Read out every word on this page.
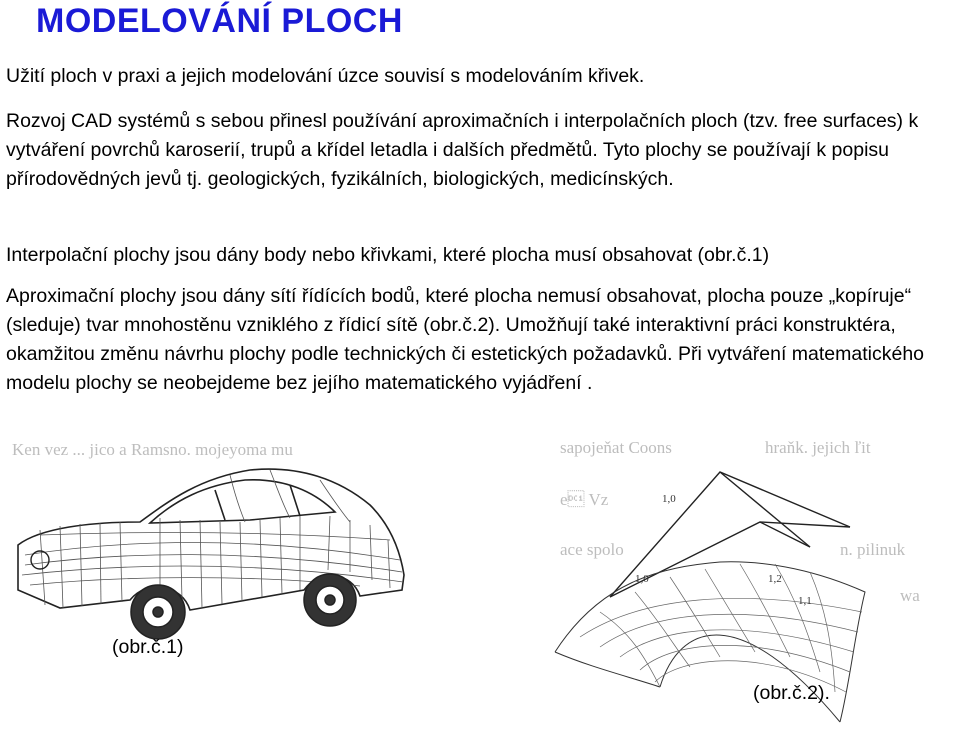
MODELOVÁNÍ PLOCH

Užití ploch v praxi a jejich modelování úzce souvisí s modelováním křivek.

Rozvoj CAD systémů s sebou přinesl používání aproximačních i interpolačních ploch (tzv. free surfaces) k vytváření povrchů karoserií, trupů a křídel letadla i dalších předmětů. Tyto plochy se používají k popisu přírodovědných jevů tj. geologických, fyzikálních, biologických, medicínských.

Interpolační plochy jsou dány body nebo křivkami, které plocha musí obsahovat (obr.č.1)

Aproximační plochy jsou dány sítí řídících bodů, které plocha nemusí obsahovat, plocha pouze „kopíruje“ (sleduje) tvar mnohostěnu vzniklého z řídicí sítě (obr.č.2). Umožňují také interaktivní práci konstruktéra, okamžitou změnu návrhu plochy podle technických či estetických požadavků. Při vytváření matematického modelu plochy se neobejdeme bez jejího matematického vyjádření .

Ken vez ... jico a Ramsno. mojeyoma mu

(obr.č.1)

sapojeňat Coons	hraňk. jejich ľit
e Vz
ace spolo	n. pilinuk
wa
1,0
1,0	1,2
1,1

(obr.č.2).
